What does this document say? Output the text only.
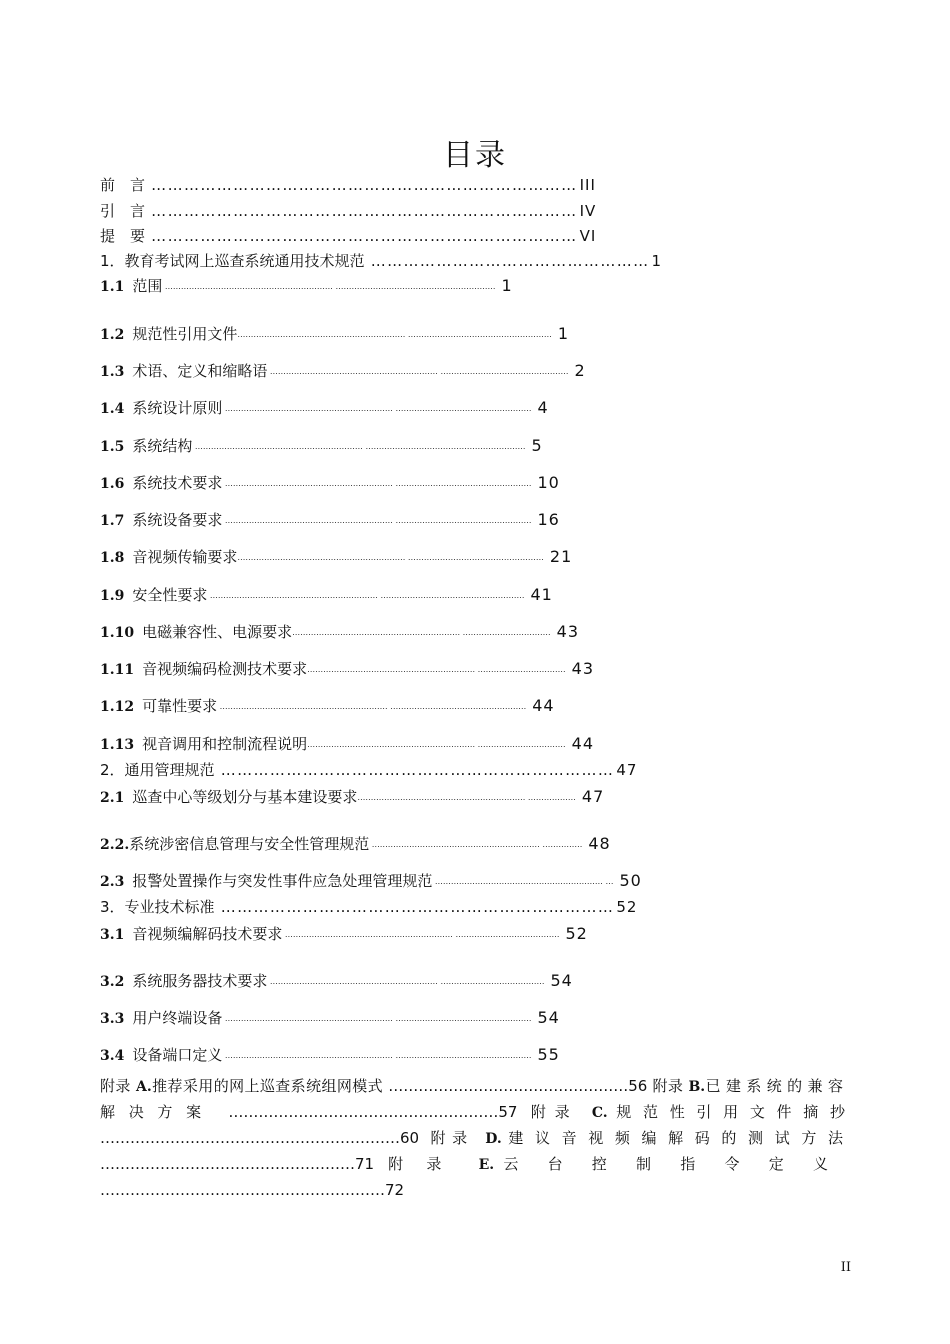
目录
前　言 …………………………………………………………………… III
引　言 …………………………………………………………………… IV
提　要 …………………………………………………………………… VI
1．教育考试网上巡查系统通用技术规范 …………………………………………… 1
1.1 范围 ……………………………………………………… …………………………………………………… 1
1.2 规范性引用文件……………………………………………………… ……………………………………………… 1
1.3 术语、定义和缩略语 ……………………………………………………… ………………………………………… 2
1.4 系统设计原则 ……………………………………………………… …………………………………………… 4
1.5 系统结构 ……………………………………………………… …………………………………………………… 5
1.6 系统技术要求 ……………………………………………………… …………………………………………… 10
1.7 系统设备要求 ……………………………………………………… …………………………………………… 16
1.8 音视频传输要求……………………………………………………… …………………………………………… 21
1.9 安全性要求 ……………………………………………………… ……………………………………………… 41
1.10 电磁兼容性、电源要求……………………………………………………… …………………………… 43
1.11 音视频编码检测技术要求……………………………………………………… …………………………… 43
1.12 可靠性要求 ……………………………………………………… …………………………………………… 44
1.13 视音调用和控制流程说明……………………………………………………… …………………………… 44
2．通用管理规范 ……………………………………………………………… 47
2.1 巡查中心等级划分与基本建设要求……………………………………………………… ……………… 47
2.2.系统涉密信息管理与安全性管理规范 ……………………………………………………… …………… 48
2.3 报警处置操作与突发性事件应急处理管理规范 ……………………………………………………… … 50
3．专业技术标准 ……………………………………………………………… 52
3.1 音视频编解码技术要求 ……………………………………………………… ………………………………… 52
3.2 系统服务器技术要求 ……………………………………………………… ………………………………… 54
3.3 用户终端设备 ……………………………………………………… …………………………………………… 54
3.4 设备端口定义 ……………………………………………………… …………………………………………… 55
附录 A.推荐采用的网上巡查系统组网模式 …………………………………………56 附录 B.已建系统的兼容解决方案 ………………………………………………57 附录 C.规范性引用文件摘抄 ……………………………………………………60 附录 D.建议音视频编解码的测试方法 ……………………………………………71 附录 E.云台控制指令定义 …………………………………………………72
II
